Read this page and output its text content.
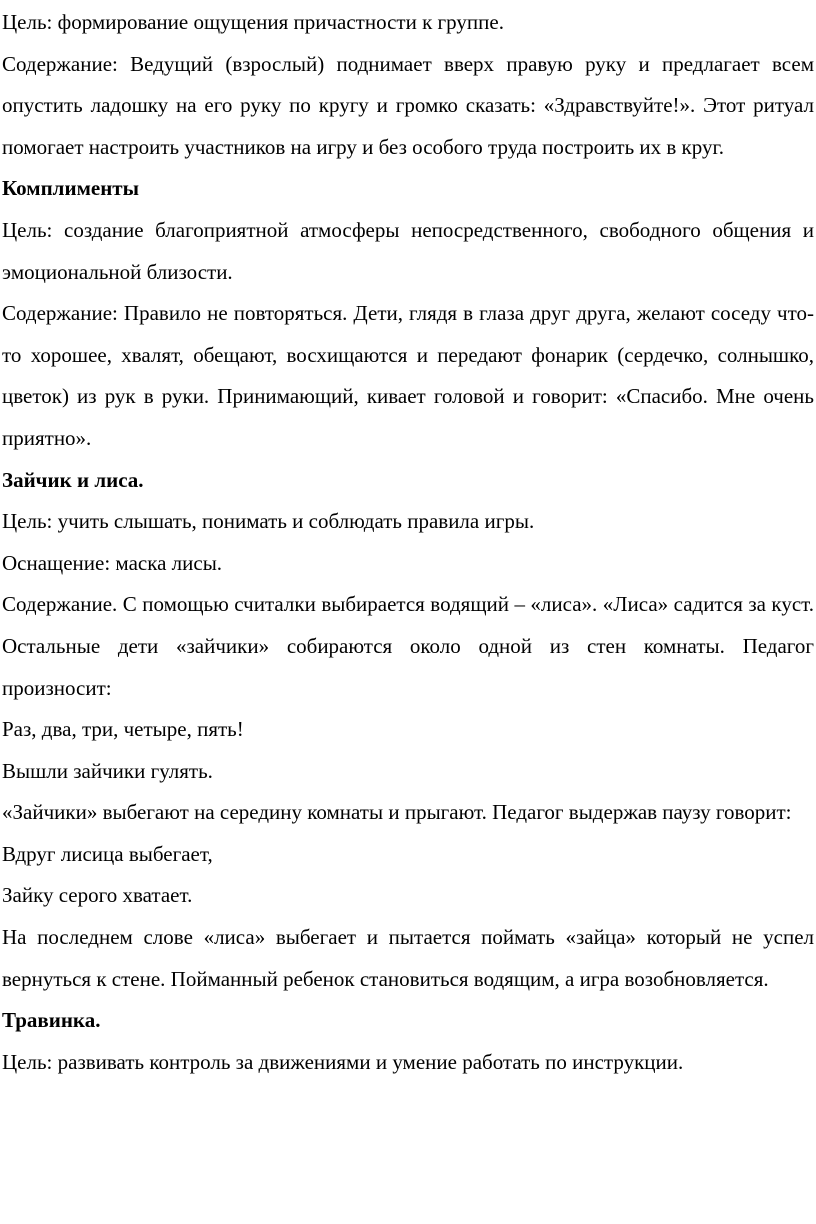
Цель: формирование ощущения причастности к группе.

Содержание: Ведущий (взрослый) поднимает вверх правую руку и предлагает всем опустить ладошку на его руку по кругу и громко сказать: «Здравствуйте!». Этот ритуал помогает настроить участников на игру и без особого труда построить их в круг.

Комплименты

Цель: создание благоприятной атмосферы непосредственного, свободного общения и эмоциональной близости.

Содержание: Правило не повторяться. Дети, глядя в глаза друг друга, желают соседу что-то хорошее, хвалят, обещают, восхищаются и передают фонарик (сердечко, солнышко, цветок) из рук в руки. Принимающий, кивает головой и говорит: «Спасибо. Мне очень приятно».

Зайчик и лиса.

Цель: учить слышать, понимать и соблюдать правила игры.

Оснащение: маска лисы.

Содержание. С помощью считалки выбирается водящий – «лиса». «Лиса» садится за куст. Остальные дети «зайчики» собираются около одной из стен комнаты. Педагог произносит:

Раз, два, три, четыре, пять!

Вышли зайчики гулять.

«Зайчики» выбегают на середину комнаты и прыгают. Педагог выдержав паузу говорит:

Вдруг лисица выбегает,

Зайку серого хватает.

На последнем слове «лиса» выбегает и пытается поймать «зайца» который не успел вернуться к стене. Пойманный ребенок становиться водящим, а игра возобновляется.

Травинка.

Цель: развивать контроль за движениями и умение работать по инструкции.
